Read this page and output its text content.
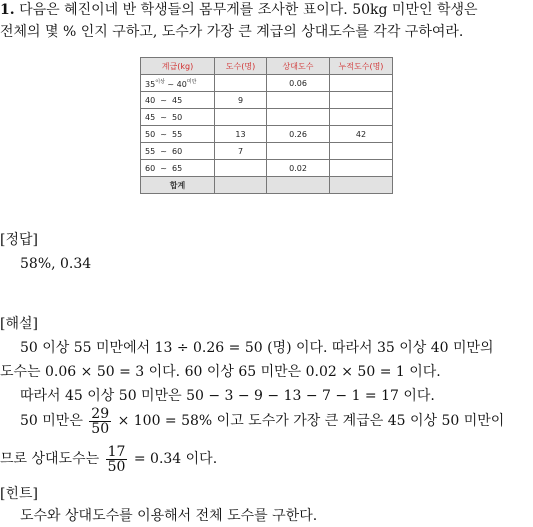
1. 다음은 혜진이네 반 학생들의 몸무게를 조사한 표이다. 50kg 미만인 학생은
전체의 몇 % 인지 구하고, 도수가 가장 큰 계급의 상대도수를 각각 구하여라.
계급(kg)	도수(명)	상대도수	누적도수(명)
$35^{이상}$ ~ $40^{미만}$		0.06	
40  ~  45	9		
45  ~  50			
50  ~  55	13	0.26	42
55  ~  60	7		
60  ~  65		0.02	
합계			
[정답]
58%, 0.34
[해설]
50 이상 55 미만에서 13 ÷ 0.26 = 50 (명) 이다. 따라서 35 이상 40 미만의
도수는 0.06 × 50 = 3 이다. 60 이상 65 미만은 0.02 × 50 = 1 이다.
따라서 45 이상 50 미만은 50 − 3 − 9 − 13 − 7 − 1 = 17 이다.
50 미만은 $\frac{29}{50} \times 100 = 58\%$ 이고 도수가 가장 큰 계급은 45 이상 50 미만이
므로 상대도수는 $\frac{17}{50} = 0.34$ 이다.
[힌트]
도수와 상대도수를 이용해서 전체 도수를 구한다.
